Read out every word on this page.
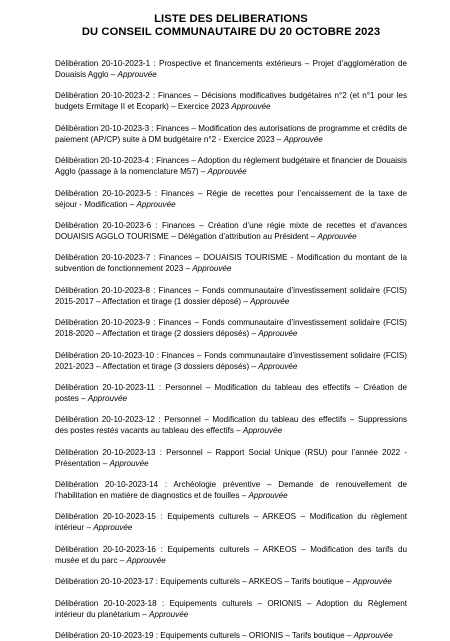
LISTE DES DELIBERATIONS
DU CONSEIL COMMUNAUTAIRE DU 20 OCTOBRE 2023
Délibération 20-10-2023-1 : Prospective et financements extérieurs – Projet d’agglomération de Douaisis Agglo – Approuvée
Délibération 20-10-2023-2 : Finances – Décisions modificatives budgétaires n°2 (et n°1 pour les budgets Ermitage II et Ecopark) – Exercice 2023 Approuvée
Délibération 20-10-2023-3 : Finances – Modification des autorisations de programme et crédits de paiement (AP/CP) suite à DM budgétaire n°2 - Exercice 2023 – Approuvée
Délibération 20-10-2023-4 : Finances – Adoption du règlement budgétaire et financier de Douaisis Agglo (passage à la nomenclature M57) – Approuvée
Délibération 20-10-2023-5 : Finances – Régie de recettes pour l’encaissement de la taxe de séjour - Modification – Approuvée
Délibération 20-10-2023-6 : Finances – Création d’une régie mixte de recettes et d’avances DOUAISIS AGGLO TOURISME – Délégation d’attribution au Président – Approuvée
Délibération 20-10-2023-7 : Finances – DOUAISIS TOURISME - Modification du montant de la subvention de fonctionnement 2023 – Approuvée
Délibération 20-10-2023-8 : Finances – Fonds communautaire d’investissement solidaire (FCIS) 2015-2017 – Affectation et tirage (1 dossier déposé) – Approuvée
Délibération 20-10-2023-9 : Finances – Fonds communautaire d’investissement solidaire (FCIS) 2018-2020 – Affectation et tirage (2 dossiers déposés) – Approuvée
Délibération 20-10-2023-10 : Finances – Fonds communautaire d’investissement solidaire (FCIS) 2021-2023 – Affectation et tirage (3 dossiers déposés) – Approuvée
Délibération 20-10-2023-11 : Personnel – Modification du tableau des effectifs – Création de postes – Approuvée
Délibération 20-10-2023-12 : Personnel – Modification du tableau des effectifs – Suppressions des postes restés vacants au tableau des effectifs – Approuvée
Délibération 20-10-2023-13 : Personnel – Rapport Social Unique (RSU) pour l’année 2022 - Présentation – Approuvée
Délibération 20-10-2023-14 : Archéologie préventive – Demande de renouvellement de l’habilitation en matière de diagnostics et de fouilles – Approuvée
Délibération 20-10-2023-15 : Equipements culturels – ARKEOS – Modification du règlement intérieur – Approuvée
Délibération 20-10-2023-16 : Equipements culturels – ARKEOS – Modification des tarifs du musée et du parc – Approuvée
Délibération 20-10-2023-17 : Equipements culturels – ARKEOS – Tarifs boutique – Approuvée
Délibération 20-10-2023-18 : Equipements culturels – ORIONIS – Adoption du Règlement intérieur du planétarium – Approuvée
Délibération 20-10-2023-19 : Equipements culturels – ORIONIS – Tarifs boutique – Approuvée
